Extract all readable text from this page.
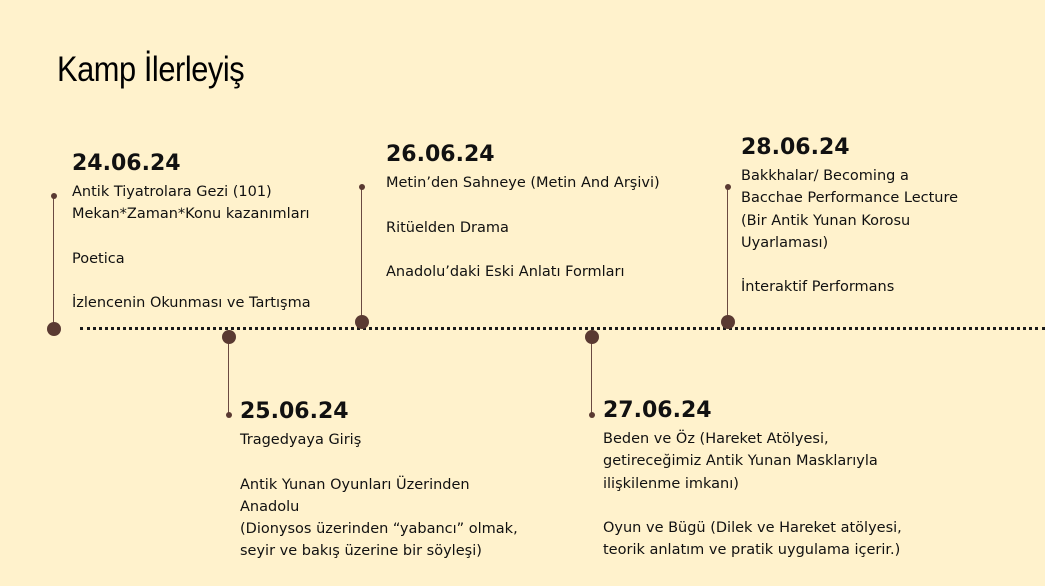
Kamp İlerleyiş
24.06.24
Antik Tiyatrolara Gezi (101)
Mekan*Zaman*Konu kazanımları
Poetica
İzlencenin Okunması ve Tartışma
25.06.24
Tragedyaya Giriş
Antik Yunan Oyunları Üzerinden
Anadolu
(Dionysos üzerinden “yabancı” olmak,
seyir ve bakış üzerine bir söyleşi)
26.06.24
Metin’den Sahneye (Metin And Arşivi)
Ritüelden Drama
Anadolu’daki Eski Anlatı Formları
27.06.24
Beden ve Öz (Hareket Atölyesi,
getireceğimiz Antik Yunan Masklarıyla
ilişkilenme imkanı)
Oyun ve Bügü (Dilek ve Hareket atölyesi,
teorik anlatım ve pratik uygulama içerir.)
28.06.24
Bakkhalar/ Becoming a
Bacchae Performance Lecture
(Bir Antik Yunan Korosu
Uyarlaması)
İnteraktif Performans
